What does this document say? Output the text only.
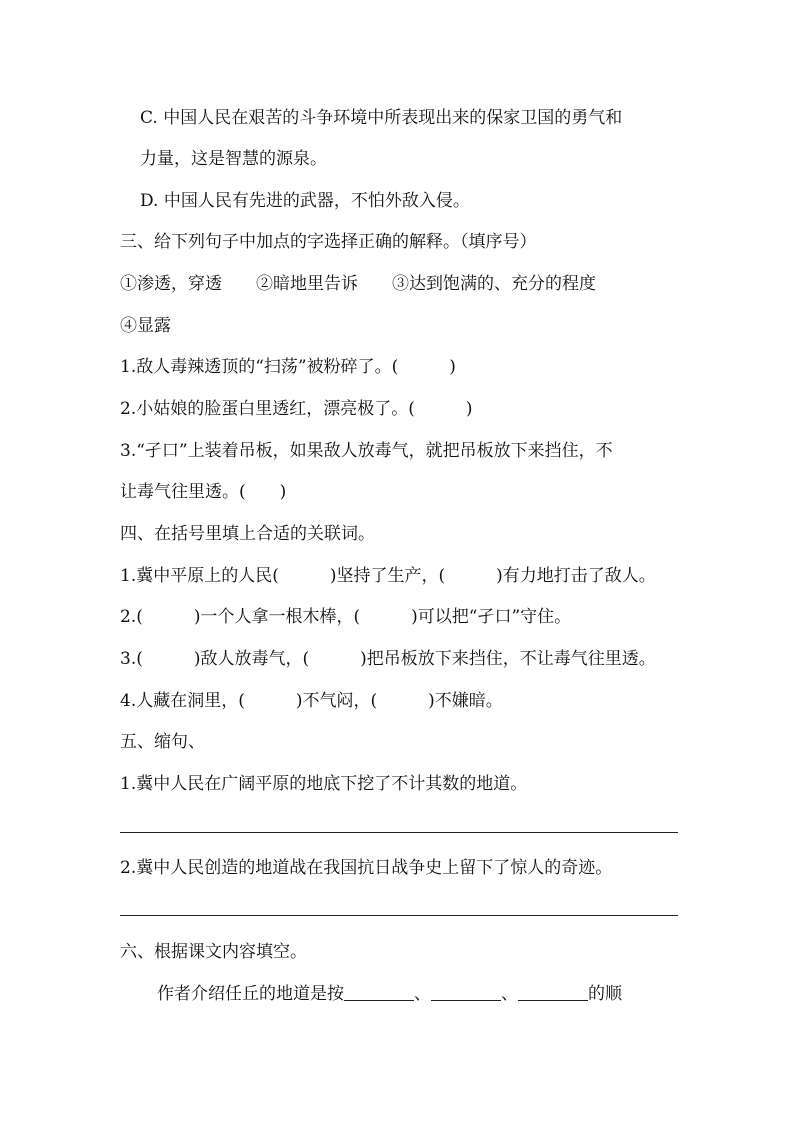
C. 中国人民在艰苦的斗争环境中所表现出来的保家卫国的勇气和
力量，这是智慧的源泉。
D. 中国人民有先进的武器，不怕外敌入侵。
三、给下列句子中加点的字选择正确的解释。（填序号）
①渗透，穿透　　②暗地里告诉　　③达到饱满的、充分的程度
④显露
1.敌人毒辣透顶的“扫荡”被粉碎了。(　　　)
2.小姑娘的脸蛋白里透红，漂亮极了。(　　　)
3.“孑口”上装着吊板，如果敌人放毒气，就把吊板放下来挡住，不
让毒气往里透。(　　)
四、在括号里填上合适的关联词。
1.冀中平原上的人民(　　　)坚持了生产，(　　　)有力地打击了敌人。
2.(　　　)一个人拿一根木棒，(　　　)可以把“孑口”守住。
3.(　　　)敌人放毒气，(　　　)把吊板放下来挡住，不让毒气往里透。
4.人藏在洞里，(　　　)不气闷，(　　　)不嫌暗。
五、缩句、
1.冀中人民在广阔平原的地底下挖了不计其数的地道。
2.冀中人民创造的地道战在我国抗日战争史上留下了惊人的奇迹。
六、根据课文内容填空。
作者介绍任丘的地道是按	、	、	的顺
